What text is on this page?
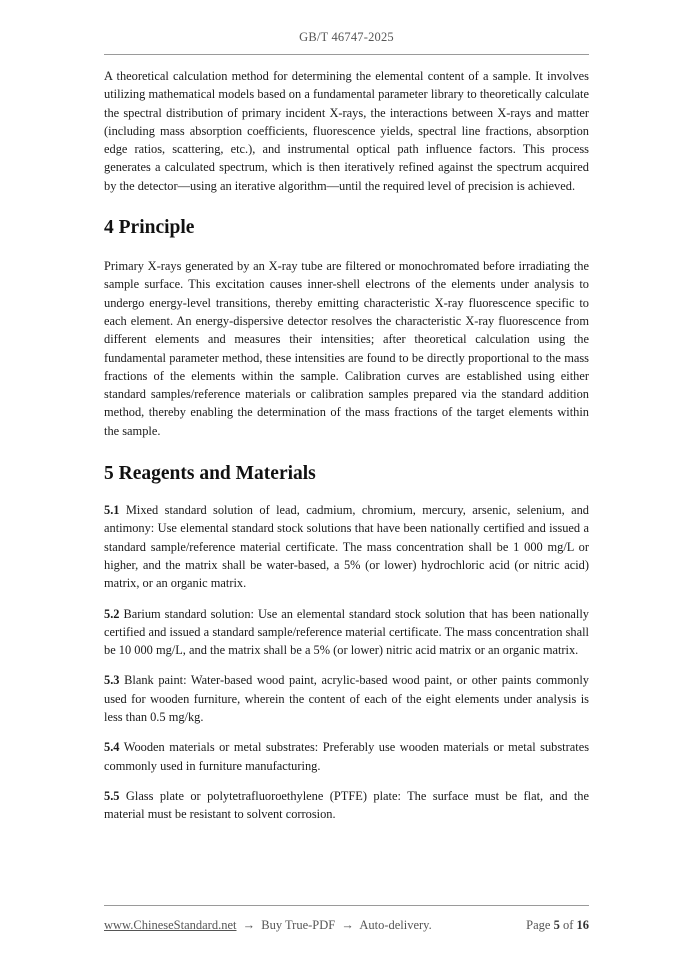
GB/T 46747-2025

A theoretical calculation method for determining the elemental content of a sample. It involves utilizing mathematical models based on a fundamental parameter library to theoretically calculate the spectral distribution of primary incident X-rays, the interactions between X-rays and matter (including mass absorption coefficients, fluorescence yields, spectral line fractions, absorption edge ratios, scattering, etc.), and instrumental optical path influence factors. This process generates a calculated spectrum, which is then iteratively refined against the spectrum acquired by the detector—using an iterative algorithm—until the required level of precision is achieved.

4 Principle

Primary X-rays generated by an X-ray tube are filtered or monochromated before irradiating the sample surface. This excitation causes inner-shell electrons of the elements under analysis to undergo energy-level transitions, thereby emitting characteristic X-ray fluorescence specific to each element. An energy-dispersive detector resolves the characteristic X-ray fluorescence from different elements and measures their intensities; after theoretical calculation using the fundamental parameter method, these intensities are found to be directly proportional to the mass fractions of the elements within the sample. Calibration curves are established using either standard samples/reference materials or calibration samples prepared via the standard addition method, thereby enabling the determination of the mass fractions of the target elements within the sample.

5 Reagents and Materials

5.1 Mixed standard solution of lead, cadmium, chromium, mercury, arsenic, selenium, and antimony: Use elemental standard stock solutions that have been nationally certified and issued a standard sample/reference material certificate. The mass concentration shall be 1 000 mg/L or higher, and the matrix shall be water-based, a 5% (or lower) hydrochloric acid (or nitric acid) matrix, or an organic matrix.

5.2 Barium standard solution: Use an elemental standard stock solution that has been nationally certified and issued a standard sample/reference material certificate. The mass concentration shall be 10 000 mg/L, and the matrix shall be a 5% (or lower) nitric acid matrix or an organic matrix.

5.3 Blank paint: Water-based wood paint, acrylic-based wood paint, or other paints commonly used for wooden furniture, wherein the content of each of the eight elements under analysis is less than 0.5 mg/kg.

5.4 Wooden materials or metal substrates: Preferably use wooden materials or metal substrates commonly used in furniture manufacturing.

5.5 Glass plate or polytetrafluoroethylene (PTFE) plate: The surface must be flat, and the material must be resistant to solvent corrosion.

www.ChineseStandard.net → Buy True-PDF → Auto-delivery.	Page 5 of 16
